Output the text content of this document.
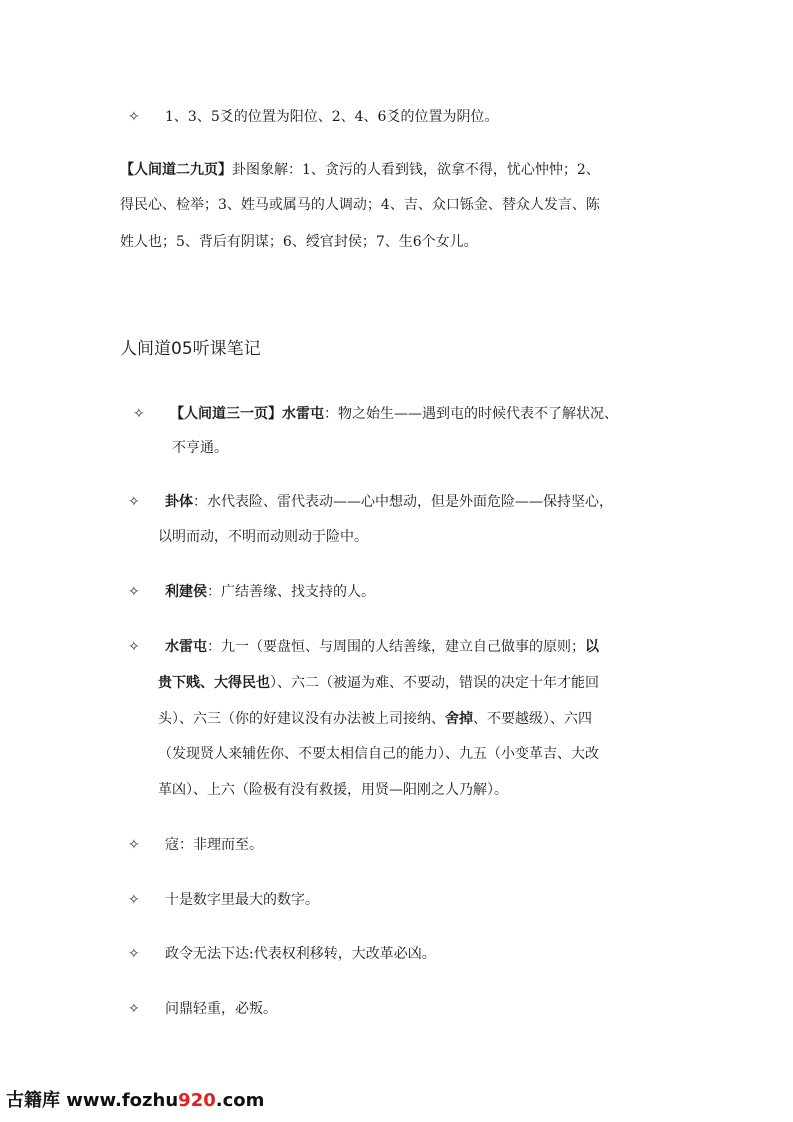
✧ 1、3、5爻的位置为阳位、2、4、6爻的位置为阴位。
【人间道二九页】卦图象解：1、贪污的人看到钱，欲拿不得，忧心忡忡；2、
得民心、检举；3、姓马或属马的人调动；4、吉、众口铄金、替众人发言、陈
姓人也；5、背后有阴谋；6、绶官封侯；7、生6个女儿。
人间道05听课笔记
✧ 【人间道三一页】水雷屯：物之始生——遇到屯的时候代表不了解状况、
不亨通。
✧ 卦体：水代表险、雷代表动——心中想动，但是外面危险——保持坚心，
以明而动，不明而动则动于险中。
✧ 利建侯：广结善缘、找支持的人。
✧ 水雷屯：九一（要盘恒、与周围的人结善缘，建立自己做事的原则；以
贵下贱、大得民也）、六二（被逼为难、不要动，错误的决定十年才能回
头）、六三（你的好建议没有办法被上司接纳、舍掉、不要越级）、六四
（发现贤人来辅佐你、不要太相信自己的能力）、九五（小变革吉、大改
革凶）、上六（险极有没有救援，用贤—阳刚之人乃解）。
✧ 寇：非理而至。
✧ 十是数字里最大的数字。
✧ 政令无法下达:代表权利移转，大改革必凶。
✧ 问鼎轻重，必叛。
古籍库 www.fozhu920.com
